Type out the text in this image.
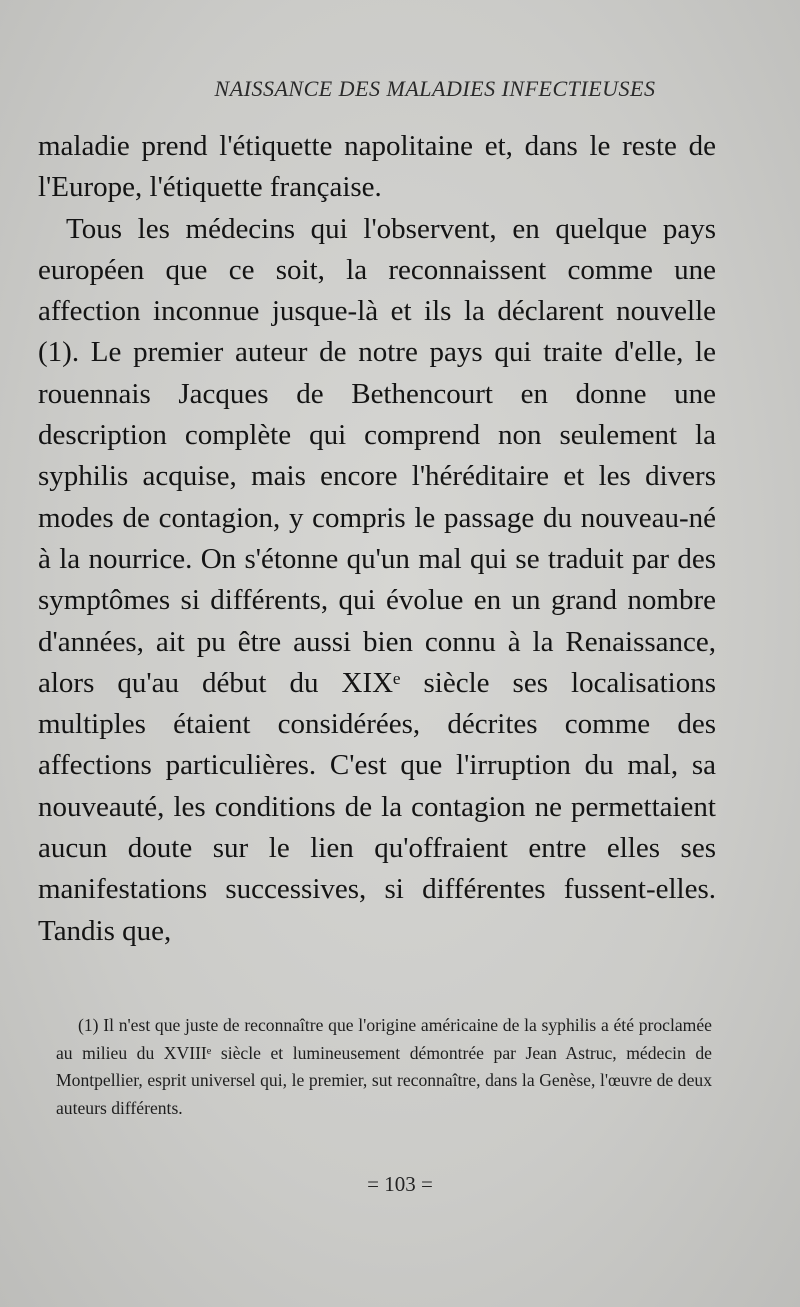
NAISSANCE DES MALADIES INFECTIEUSES

maladie prend l'étiquette napolitaine et, dans le reste de l'Europe, l'étiquette française.

Tous les médecins qui l'observent, en quelque pays européen que ce soit, la reconnaissent comme une affection inconnue jusque-là et ils la déclarent nouvelle (1). Le premier auteur de notre pays qui traite d'elle, le rouennais Jacques de Bethencourt en donne une description complète qui comprend non seulement la syphilis acquise, mais encore l'héréditaire et les divers modes de contagion, y compris le passage du nouveau-né à la nourrice. On s'étonne qu'un mal qui se traduit par des symptômes si différents, qui évolue en un grand nombre d'années, ait pu être aussi bien connu à la Renaissance, alors qu'au début du XIXᵉ siècle ses localisations multiples étaient considérées, décrites comme des affections particulières. C'est que l'irruption du mal, sa nouveauté, les conditions de la contagion ne permettaient aucun doute sur le lien qu'offraient entre elles ses manifestations successives, si différentes fussent-elles. Tandis que,

(1) Il n'est que juste de reconnaître que l'origine américaine de la syphilis a été proclamée au milieu du XVIIIᵉ siècle et lumineusement démontrée par Jean Astruc, médecin de Montpellier, esprit universel qui, le premier, sut reconnaître, dans la Genèse, l'œuvre de deux auteurs différents.
= 103 =
